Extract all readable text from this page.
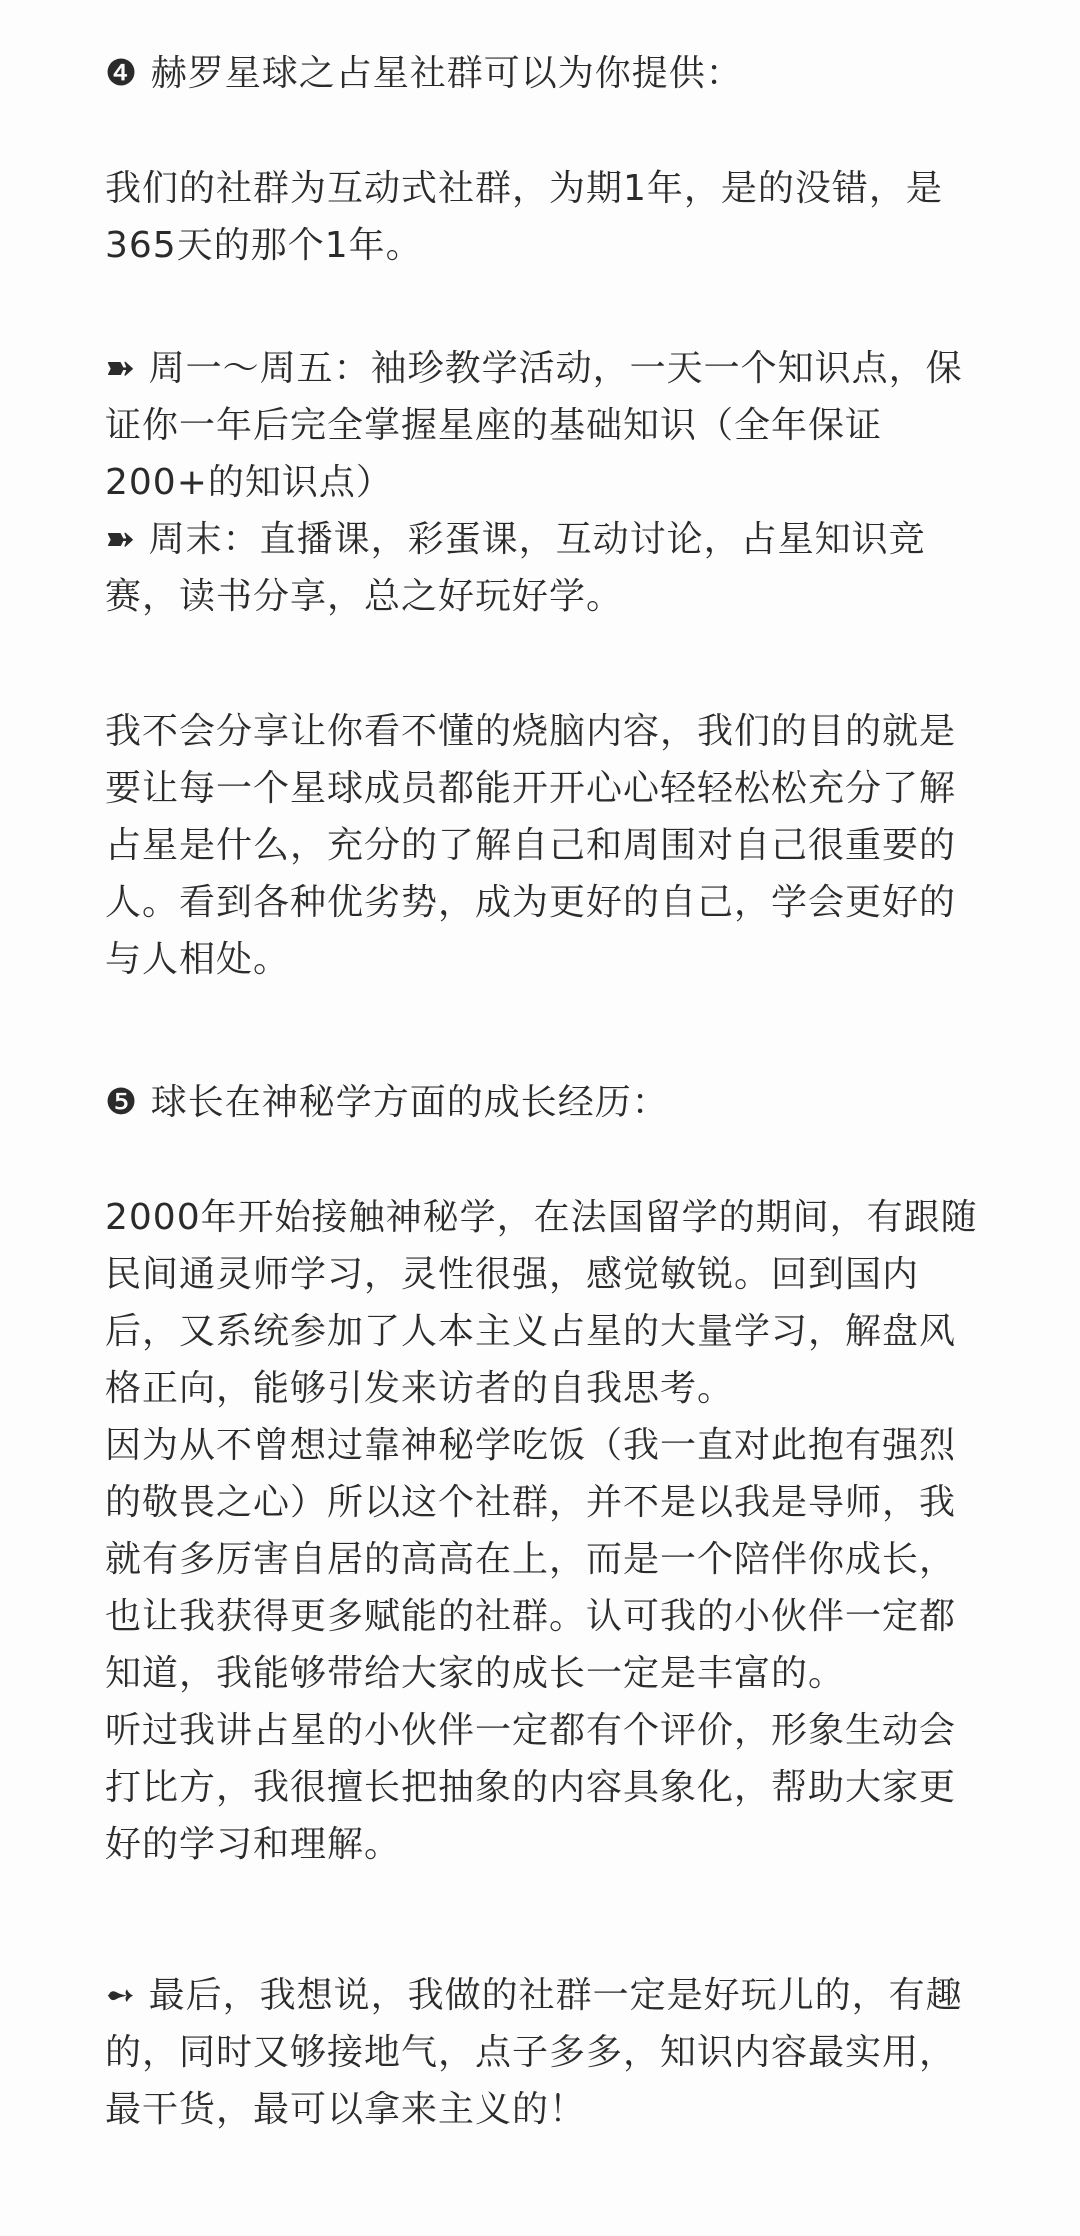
❹ 赫罗星球之占星社群可以为你提供：

我们的社群为互动式社群，为期1年，是的没错，是
365天的那个1年。

➽ 周一～周五：袖珍教学活动，一天一个知识点，保
证你一年后完全掌握星座的基础知识（全年保证
200+的知识点）

➽ 周末：直播课，彩蛋课，互动讨论，占星知识竞
赛，读书分享，总之好玩好学。

我不会分享让你看不懂的烧脑内容，我们的目的就是
要让每一个星球成员都能开开心心轻轻松松充分了解
占星是什么，充分的了解自己和周围对自己很重要的
人。看到各种优劣势，成为更好的自己，学会更好的
与人相处。

❺ 球长在神秘学方面的成长经历：

2000年开始接触神秘学，在法国留学的期间，有跟随
民间通灵师学习，灵性很强，感觉敏锐。回到国内
后，又系统参加了人本主义占星的大量学习，解盘风
格正向，能够引发来访者的自我思考。
因为从不曾想过靠神秘学吃饭（我一直对此抱有强烈
的敬畏之心）所以这个社群，并不是以我是导师，我
就有多厉害自居的高高在上，而是一个陪伴你成长，
也让我获得更多赋能的社群。认可我的小伙伴一定都
知道，我能够带给大家的成长一定是丰富的。
听过我讲占星的小伙伴一定都有个评价，形象生动会
打比方，我很擅长把抽象的内容具象化，帮助大家更
好的学习和理解。

➻ 最后，我想说，我做的社群一定是好玩儿的，有趣
的，同时又够接地气，点子多多，知识内容最实用，
最干货，最可以拿来主义的！
